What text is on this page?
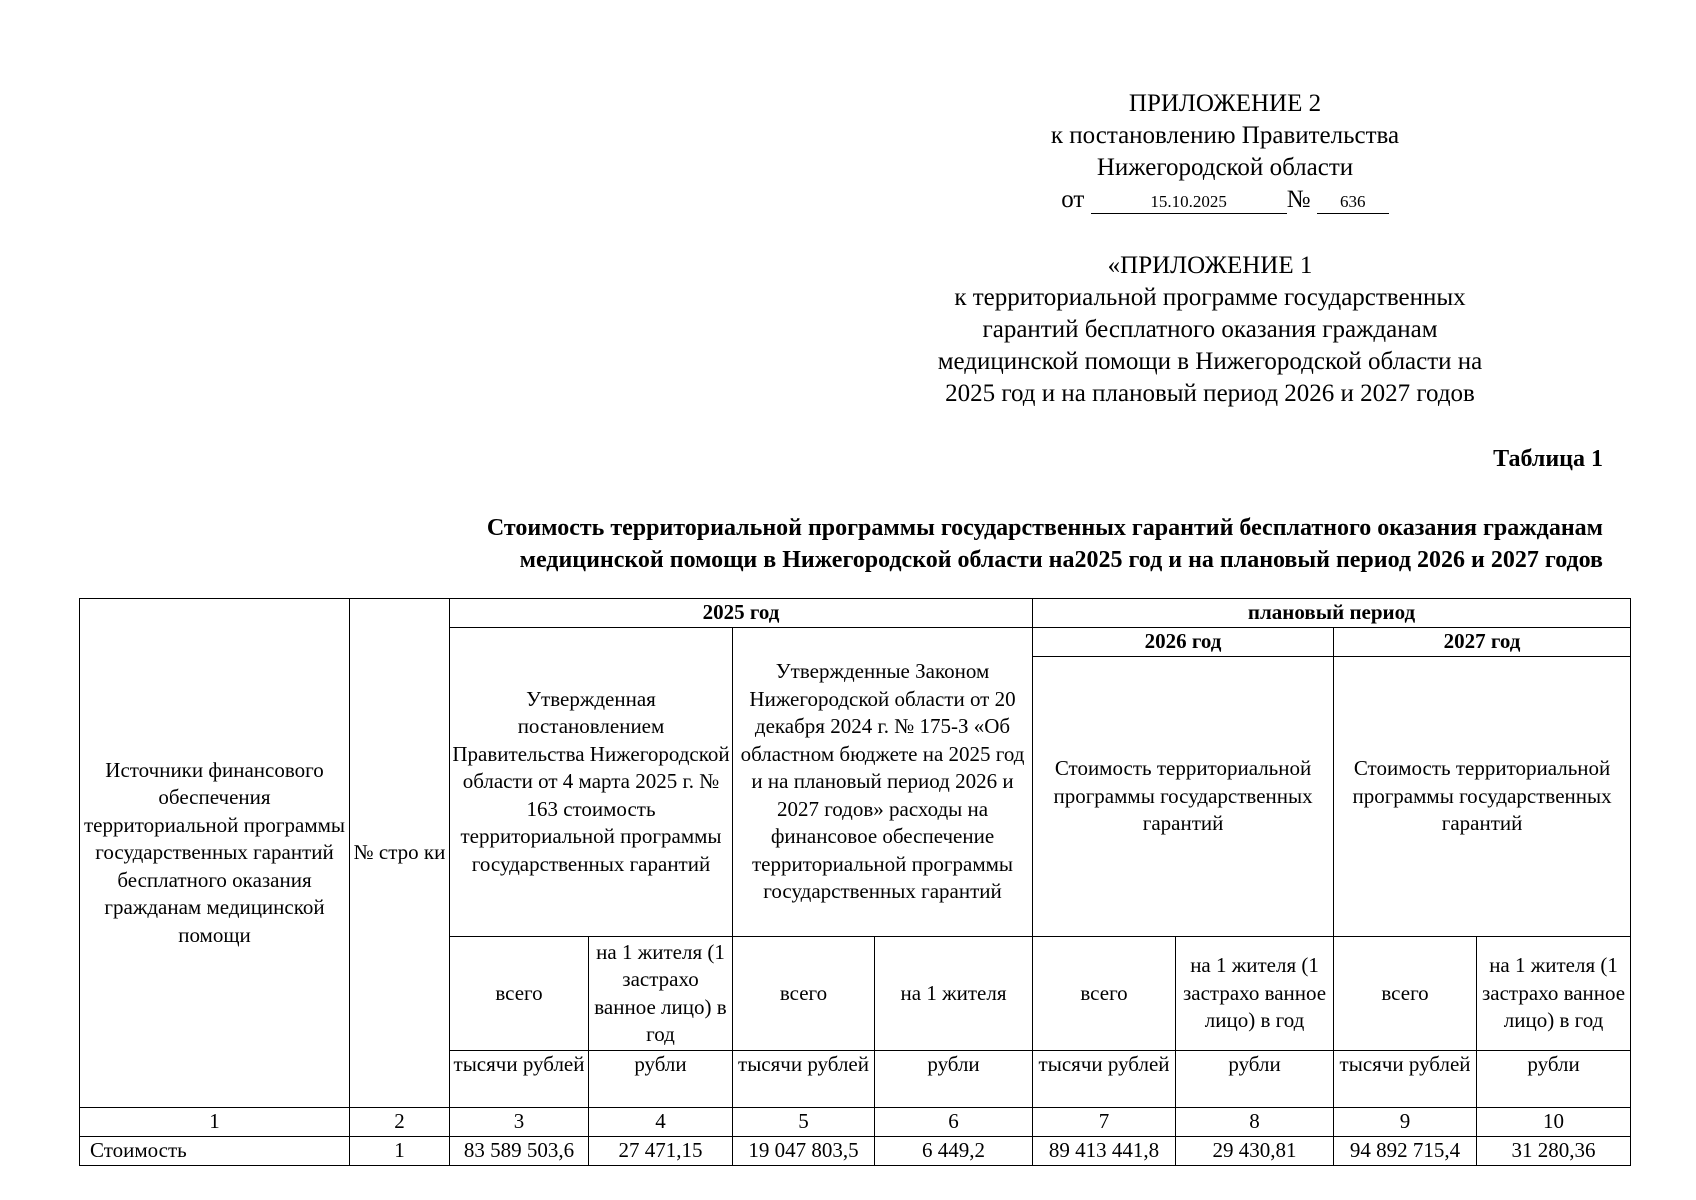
ПРИЛОЖЕНИЕ 2
к постановлению Правительства
Нижегородской области
от	15.10.2025 № 636
«ПРИЛОЖЕНИЕ 1
к территориальной программе государственных
гарантий бесплатного оказания гражданам
медицинской помощи в Нижегородской области на
2025 год и на плановый период 2026 и 2027 годов
Таблица 1
Стоимость территориальной программы государственных гарантий бесплатного оказания гражданам
медицинской помощи в Нижегородской области на2025 год и на плановый период 2026 и 2027 годов
Источники финансового обеспечения территориальной программы государственных гарантий бесплатного оказания гражданам медицинской помощи	№ стро ки	2025 год				плановый период			
		Утвержденная постановлением Правительства Нижегородской области от 4 марта 2025 г. № 163 стоимость территориальной программы государственных гарантий		Утвержденные Законом Нижегородской области от 20 декабря 2024 г. № 175-З «Об областном бюджете на 2025 год и на плановый период 2026 и 2027 годов» расходы на финансовое обеспечение территориальной программы государственных гарантий		2026 год		2027 год	
						Стоимость территориальной программы государственных гарантий		Стоимость территориальной программы государственных гарантий	

		всего	на 1 жителя (1 застрахо ванное лицо) в год	всего	на 1 жителя	всего	на 1 жителя (1 застрахо ванное лицо) в год	всего	на 1 жителя (1 застрахо ванное лицо) в год
		тысячи рублей	рубли	тысячи рублей	рубли	тысячи рублей	рубли	тысячи рублей	рубли
1	2	3	4	5	6	7	8	9	10
Стоимость	1	83 589 503,6	27 471,15	19 047 803,5	6 449,2	89 413 441,8	29 430,81	94 892 715,4	31 280,36
